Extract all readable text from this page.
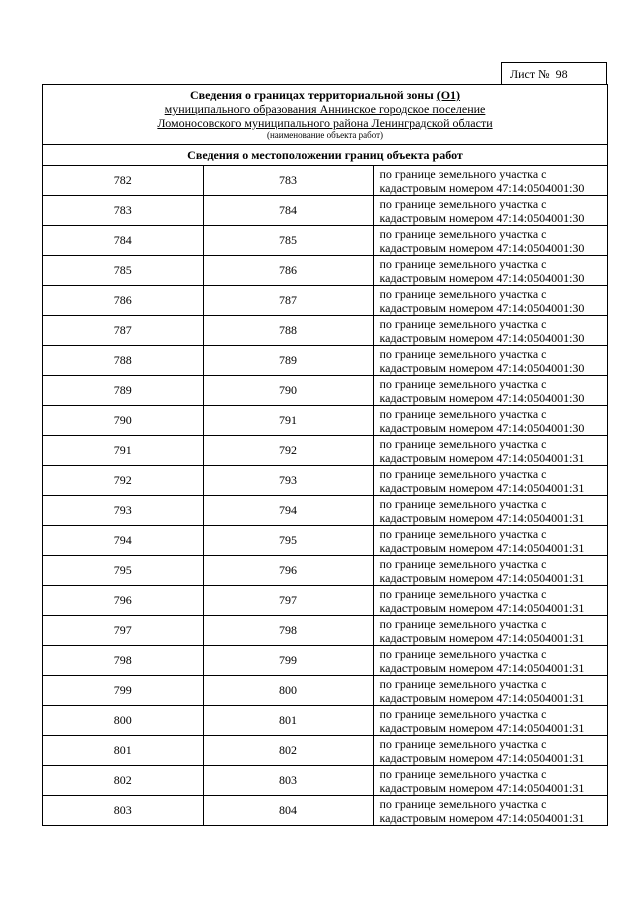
Лист № 98
Сведения о границах территориальной зоны (О1)
муниципального образования Аннинское городское поселение
Ломоносовского муниципального района Ленинградской области
(наименование объекта работ)
Сведения о местоположении границ объекта работ
782	783	по границе земельного участка с
кадастровым номером 47:14:0504001:30

783	784	по границе земельного участка с
кадастровым номером 47:14:0504001:30

784	785	по границе земельного участка с
кадастровым номером 47:14:0504001:30

785	786	по границе земельного участка с
кадастровым номером 47:14:0504001:30

786	787	по границе земельного участка с
кадастровым номером 47:14:0504001:30

787	788	по границе земельного участка с
кадастровым номером 47:14:0504001:30

788	789	по границе земельного участка с
кадастровым номером 47:14:0504001:30

789	790	по границе земельного участка с
кадастровым номером 47:14:0504001:30

790	791	по границе земельного участка с
кадастровым номером 47:14:0504001:30

791	792	по границе земельного участка с
кадастровым номером 47:14:0504001:31

792	793	по границе земельного участка с
кадастровым номером 47:14:0504001:31

793	794	по границе земельного участка с
кадастровым номером 47:14:0504001:31

794	795	по границе земельного участка с
кадастровым номером 47:14:0504001:31

795	796	по границе земельного участка с
кадастровым номером 47:14:0504001:31

796	797	по границе земельного участка с
кадастровым номером 47:14:0504001:31

797	798	по границе земельного участка с
кадастровым номером 47:14:0504001:31

798	799	по границе земельного участка с
кадастровым номером 47:14:0504001:31

799	800	по границе земельного участка с
кадастровым номером 47:14:0504001:31

800	801	по границе земельного участка с
кадастровым номером 47:14:0504001:31

801	802	по границе земельного участка с
кадастровым номером 47:14:0504001:31

802	803	по границе земельного участка с
кадастровым номером 47:14:0504001:31

803	804	по границе земельного участка с
кадастровым номером 47:14:0504001:31
